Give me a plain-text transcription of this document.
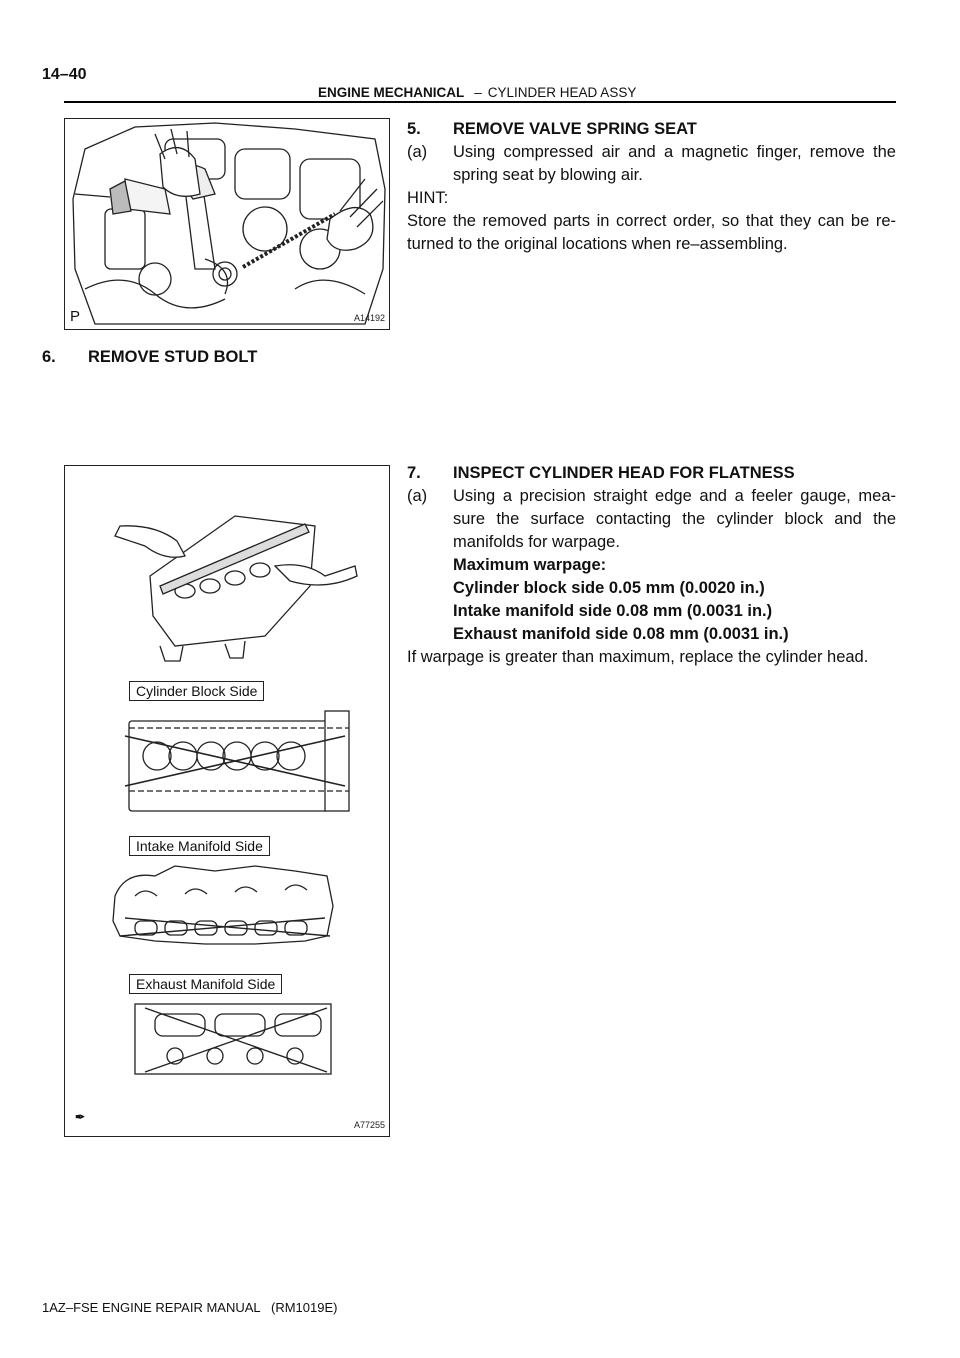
14–40
ENGINE MECHANICAL – CYLINDER HEAD ASSY
P	A14192
5. REMOVE VALVE SPRING SEAT
(a)	Using compressed air and a magnetic finger, remove the spring seat by blowing air.
HINT:
Store the removed parts in correct order, so that they can be re- turned to the original locations when re–assembling.
6. REMOVE STUD BOLT
Cylinder Block Side
Intake Manifold Side
Exhaust Manifold Side
✒
A77255
7. INSPECT CYLINDER HEAD FOR FLATNESS
(a)	Using a precision straight edge and a feeler gauge, mea- sure the surface contacting the cylinder block and the manifolds for warpage.
Maximum warpage:
Cylinder block side 0.05 mm (0.0020 in.)
Intake manifold side 0.08 mm (0.0031 in.)
Exhaust manifold side 0.08 mm (0.0031 in.)
If warpage is greater than maximum, replace the cylinder head.
1AZ–FSE ENGINE REPAIR MANUAL   (RM1019E)
